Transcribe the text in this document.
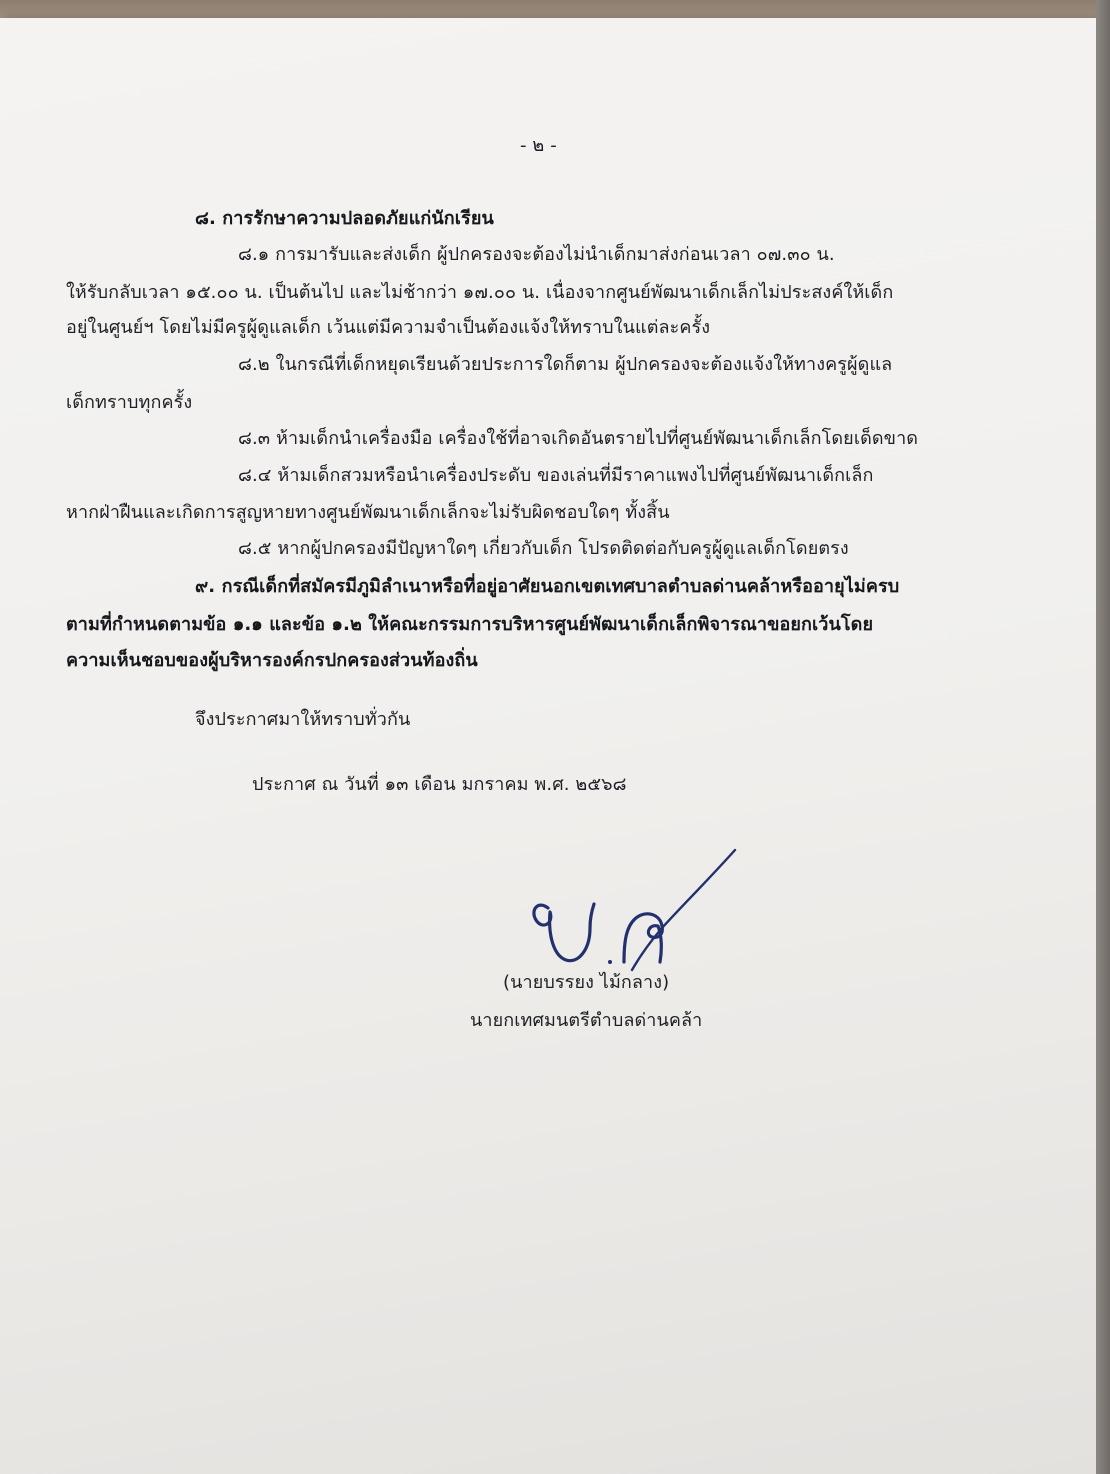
- ๒ -

๘. การรักษาความปลอดภัยแก่นักเรียน

๘.๑ การมารับและส่งเด็ก ผู้ปกครองจะต้องไม่นำเด็กมาส่งก่อนเวลา ๐๗.๓๐ น.

ให้รับกลับเวลา ๑๕.๐๐ น. เป็นต้นไป และไม่ช้ากว่า ๑๗.๐๐ น. เนื่องจากศูนย์พัฒนาเด็กเล็กไม่ประสงค์ให้เด็ก

อยู่ในศูนย์ฯ โดยไม่มีครูผู้ดูแลเด็ก เว้นแต่มีความจำเป็นต้องแจ้งให้ทราบในแต่ละครั้ง

๘.๒ ในกรณีที่เด็กหยุดเรียนด้วยประการใดก็ตาม ผู้ปกครองจะต้องแจ้งให้ทางครูผู้ดูแล

เด็กทราบทุกครั้ง

๘.๓ ห้ามเด็กนำเครื่องมือ เครื่องใช้ที่อาจเกิดอันตรายไปที่ศูนย์พัฒนาเด็กเล็กโดยเด็ดขาด

๘.๔ ห้ามเด็กสวมหรือนำเครื่องประดับ ของเล่นที่มีราคาแพงไปที่ศูนย์พัฒนาเด็กเล็ก

หากฝ่าฝืนและเกิดการสูญหายทางศูนย์พัฒนาเด็กเล็กจะไม่รับผิดชอบใดๆ ทั้งสิ้น

๘.๕ หากผู้ปกครองมีปัญหาใดๆ เกี่ยวกับเด็ก โปรดติดต่อกับครูผู้ดูแลเด็กโดยตรง

๙. กรณีเด็กที่สมัครมีภูมิลำเนาหรือที่อยู่อาศัยนอกเขตเทศบาลตำบลด่านคล้าหรืออายุไม่ครบ

ตามที่กำหนดตามข้อ ๑.๑ และข้อ ๑.๒ ให้คณะกรรมการบริหารศูนย์พัฒนาเด็กเล็กพิจารณาขอยกเว้นโดย

ความเห็นชอบของผู้บริหารองค์กรปกครองส่วนท้องถิ่น

จึงประกาศมาให้ทราบทั่วกัน

ประกาศ ณ วันที่ ๑๓ เดือน มกราคม พ.ศ. ๒๕๖๘

(นายบรรยง ไม้กลาง)

นายกเทศมนตรีตำบลด่านคล้า
